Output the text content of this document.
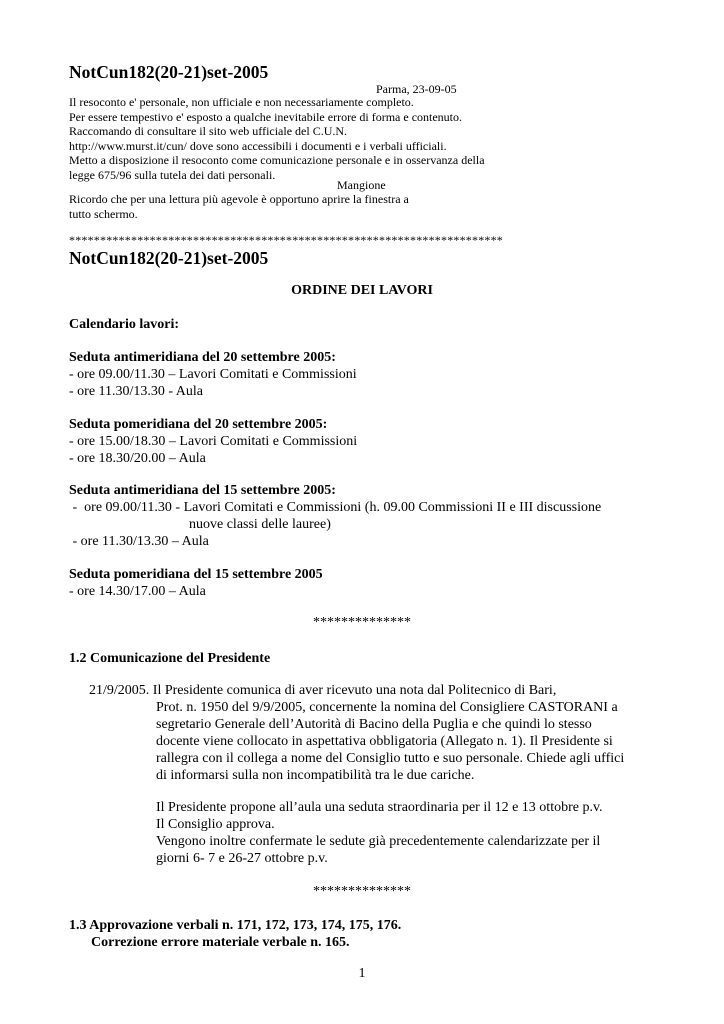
NotCun182(20-21)set-2005
Parma, 23-09-05
Il resoconto e' personale, non ufficiale e non necessariamente completo.
Per essere tempestivo e' esposto a qualche inevitabile errore di forma e contenuto.
Raccomando di consultare il sito web ufficiale del C.U.N.
http://www.murst.it/cun/ dove sono accessibili i documenti e i verbali ufficiali.
Metto a disposizione il resoconto come comunicazione personale e in osservanza della
legge 675/96 sulla tutela dei dati personali.
Mangione
Ricordo che per una lettura più agevole è opportuno aprire la finestra a
tutto schermo.
**********************************************************************
NotCun182(20-21)set-2005
ORDINE DEI LAVORI
Calendario lavori:
Seduta antimeridiana del 20 settembre 2005:
- ore 09.00/11.30 – Lavori Comitati e Commissioni
- ore 11.30/13.30 - Aula
Seduta pomeridiana del 20 settembre 2005:
- ore 15.00/18.30 – Lavori Comitati e Commissioni
- ore 18.30/20.00 – Aula
Seduta antimeridiana del 15 settembre 2005:
-  ore 09.00/11.30 - Lavori Comitati e Commissioni (h. 09.00 Commissioni II e III discussione
nuove classi delle lauree)
- ore 11.30/13.30 – Aula
Seduta pomeridiana del 15 settembre 2005
- ore 14.30/17.00 – Aula
**************
1.2 Comunicazione del Presidente
21/9/2005. Il Presidente comunica di aver ricevuto una nota dal Politecnico di Bari,
Prot. n. 1950 del 9/9/2005, concernente la nomina del Consigliere CASTORANI a
segretario Generale dell’Autorità di Bacino della Puglia e che quindi lo stesso
docente viene collocato in aspettativa obbligatoria (Allegato n. 1). Il Presidente si
rallegra con il collega a nome del Consiglio tutto e suo personale. Chiede agli uffici
di informarsi sulla non incompatibilità tra le due cariche.
Il Presidente propone all’aula una seduta straordinaria per il 12 e 13 ottobre p.v.
Il Consiglio approva.
Vengono inoltre confermate le sedute già precedentemente calendarizzate per il
giorni 6- 7 e 26-27 ottobre p.v.
**************
1.3 Approvazione verbali n. 171, 172, 173, 174, 175, 176.
Correzione errore materiale verbale n. 165.
1
